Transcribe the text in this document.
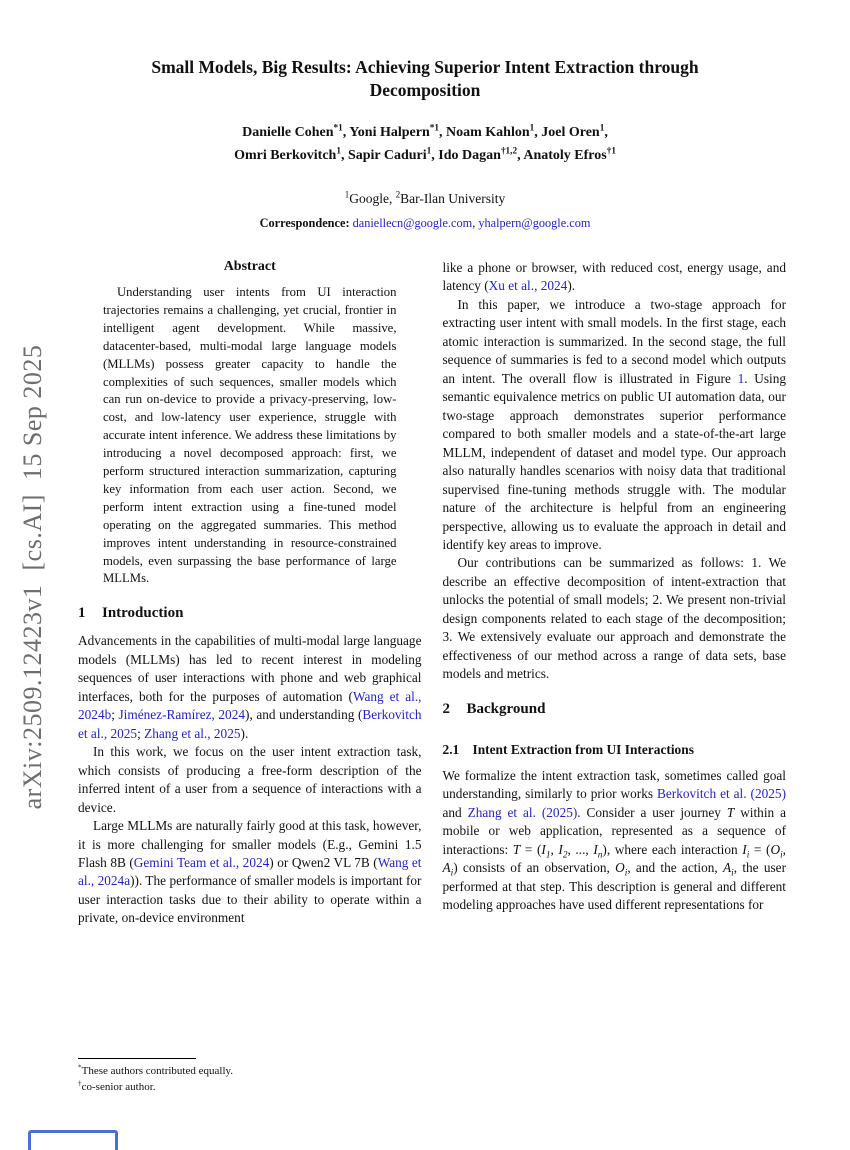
arXiv:2509.12423v1  [cs.AI]  15 Sep 2025
Small Models, Big Results: Achieving Superior Intent Extraction through Decomposition

Danielle Cohen$^{*1}$, Yoni Halpern$^{*1}$, Noam Kahlon$^1$, Joel Oren$^1$,

Omri Berkovitch$^1$, Sapir Caduri$^1$, Ido Dagan$^{\dagger 1,2}$, Anatoly Efros$^{\dagger 1}$

$^1$Google, $^2$Bar-Ilan University

Correspondence: daniellecn@google.com, yhalpern@google.com

Abstract
Understanding user intents from UI interaction trajectories remains a challenging, yet crucial, frontier in intelligent agent development. While massive, datacenter-based, multi-modal large language models (MLLMs) possess greater capacity to handle the complexities of such sequences, smaller models which can run on-device to provide a privacy-preserving, low-cost, and low-latency user experience, struggle with accurate intent inference. We address these limitations by introducing a novel decomposed approach: first, we perform structured interaction summarization, capturing key information from each user action. Second, we perform intent extraction using a fine-tuned model operating on the aggregated summaries. This method improves intent understanding in resource-constrained models, even surpassing the base performance of large MLLMs.
1 Introduction

Advancements in the capabilities of multi-modal large language models (MLLMs) has led to recent interest in modeling sequences of user interactions with phone and web graphical interfaces, both for the purposes of automation (Wang et al., 2024b; Jiménez-Ramírez, 2024), and understanding (Berkovitch et al., 2025; Zhang et al., 2025).

In this work, we focus on the user intent extraction task, which consists of producing a free-form description of the inferred intent of a user from a sequence of interactions with a device.

Large MLLMs are naturally fairly good at this task, however, it is more challenging for smaller models (E.g., Gemini 1.5 Flash 8B (Gemini Team et al., 2024) or Qwen2 VL 7B (Wang et al., 2024a)). The performance of smaller models is important for user interaction tasks due to their ability to operate within a private, on-device environment

*These authors contributed equally.

†co-senior author.

like a phone or browser, with reduced cost, energy usage, and latency (Xu et al., 2024).

In this paper, we introduce a two-stage approach for extracting user intent with small models. In the first stage, each atomic interaction is summarized. In the second stage, the full sequence of summaries is fed to a second model which outputs an intent. The overall flow is illustrated in Figure 1. Using semantic equivalence metrics on public UI automation data, our two-stage approach demonstrates superior performance compared to both smaller models and a state-of-the-art large MLLM, independent of dataset and model type. Our approach also naturally handles scenarios with noisy data that traditional supervised fine-tuning methods struggle with. The modular nature of the architecture is helpful from an engineering perspective, allowing us to evaluate the approach in detail and identify key areas to improve.

Our contributions can be summarized as follows: 1. We describe an effective decomposition of intent-extraction that unlocks the potential of small models; 2. We present non-trivial design components related to each stage of the decomposition; 3. We extensively evaluate our approach and demonstrate the effectiveness of our method across a range of data sets, base models and metrics.

2 Background
2.1 Intent Extraction from UI Interactions

We formalize the intent extraction task, sometimes called goal understanding, similarly to prior works Berkovitch et al. (2025) and Zhang et al. (2025). Consider a user journey T within a mobile or web application, represented as a sequence of interactions: $T = (I_1$, $I_2$, ..., $I_n$), where each interaction $I_i = (O_i$, $A_i$) consists of an observation, $O_i$, and the action, $A_i$, the user performed at that step. This description is general and different modeling approaches have used different representations for
